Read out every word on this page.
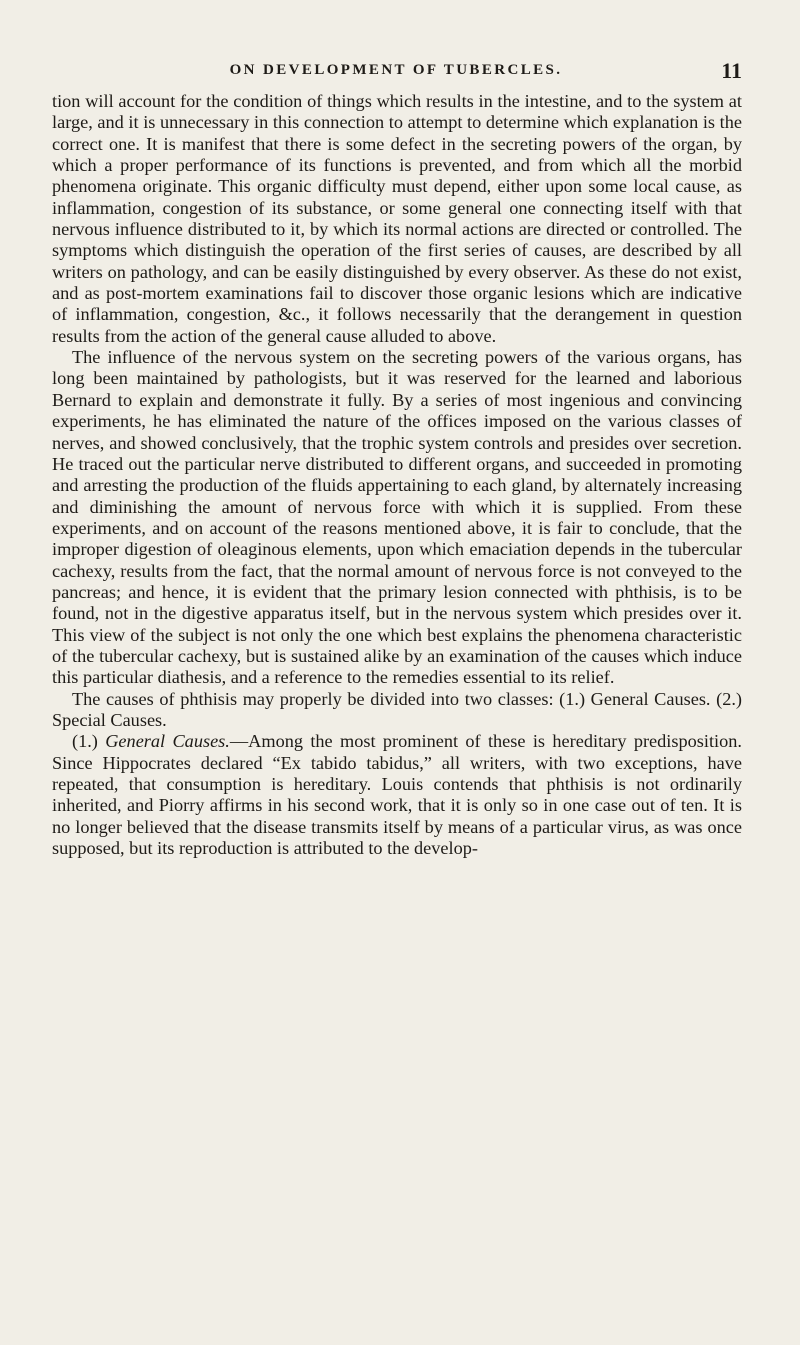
ON DEVELOPMENT OF TUBERCLES.	11

tion will account for the condition of things which results in the intestine, and to the system at large, and it is unnecessary in this connection to attempt to determine which explanation is the correct one. It is manifest that there is some defect in the secreting powers of the organ, by which a proper performance of its functions is prevented, and from which all the morbid phenomena originate. This organic difficulty must depend, either upon some local cause, as inflammation, congestion of its substance, or some general one connecting itself with that nervous influence distributed to it, by which its normal actions are directed or controlled. The symptoms which distinguish the operation of the first series of causes, are described by all writers on pathology, and can be easily distinguished by every observer. As these do not exist, and as post-mortem examinations fail to discover those organic lesions which are indicative of inflammation, congestion, &c., it follows necessarily that the derangement in question results from the action of the general cause alluded to above.

The influence of the nervous system on the secreting powers of the various organs, has long been maintained by pathologists, but it was reserved for the learned and laborious Bernard to explain and demonstrate it fully. By a series of most ingenious and convincing experiments, he has eliminated the nature of the offices imposed on the various classes of nerves, and showed conclusively, that the trophic system controls and presides over secretion. He traced out the particular nerve distributed to different organs, and succeeded in promoting and arresting the production of the fluids appertaining to each gland, by alternately increasing and diminishing the amount of nervous force with which it is supplied. From these experiments, and on account of the reasons mentioned above, it is fair to conclude, that the improper digestion of oleaginous elements, upon which emaciation depends in the tubercular cachexy, results from the fact, that the normal amount of nervous force is not conveyed to the pancreas; and hence, it is evident that the primary lesion connected with phthisis, is to be found, not in the digestive apparatus itself, but in the nervous system which presides over it. This view of the subject is not only the one which best explains the phenomena characteristic of the tubercular cachexy, but is sustained alike by an examination of the causes which induce this particular diathesis, and a reference to the remedies essential to its relief.

The causes of phthisis may properly be divided into two classes: (1.) General Causes. (2.) Special Causes.

(1.) General Causes.—Among the most prominent of these is hereditary predisposition. Since Hippocrates declared “Ex tabido tabidus,” all writers, with two exceptions, have repeated, that consumption is hereditary. Louis contends that phthisis is not ordinarily inherited, and Piorry affirms in his second work, that it is only so in one case out of ten. It is no longer believed that the disease transmits itself by means of a particular virus, as was once supposed, but its reproduction is attributed to the develop-
